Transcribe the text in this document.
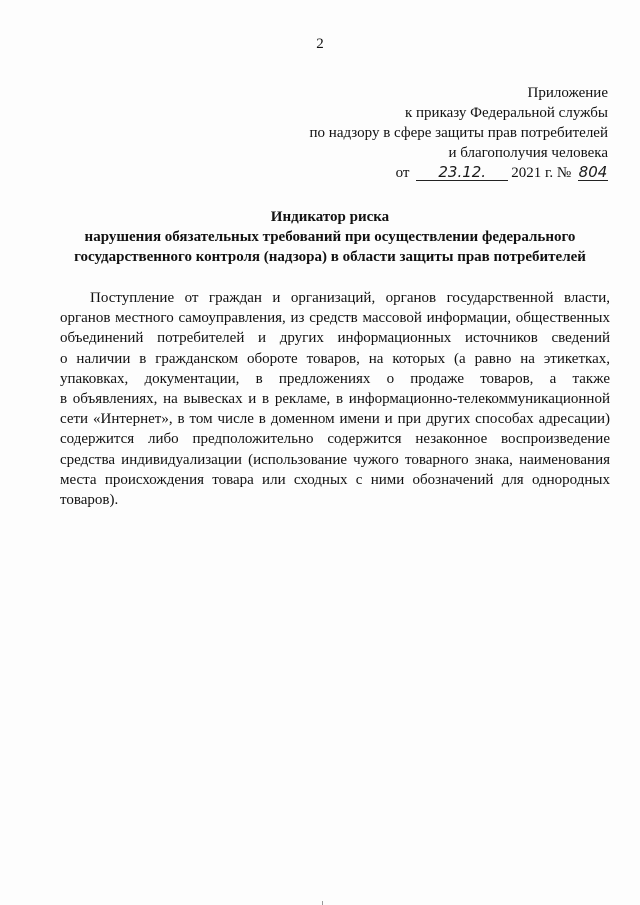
2
Приложение
к приказу Федеральной службы
по надзору в сфере защиты прав потребителей
и благополучия человека
от 23.12. 2021 г. № 804
Индикатор риска
нарушения обязательных требований при осуществлении федерального
государственного контроля (надзора) в области защиты прав потребителей
Поступление от граждан и организаций, органов государственной власти,
органов местного самоуправления, из средств массовой информации, общественных
объединений потребителей и других информационных источников сведений
о наличии в гражданском обороте товаров, на которых (а равно на этикетках,
упаковках, документации, в предложениях о продаже товаров, а также
в объявлениях, на вывесках и в рекламе, в информационно-телекоммуникационной
сети «Интернет», в том числе в доменном имени и при других способах адресации)
содержится либо предположительно содержится незаконное воспроизведение
средства индивидуализации (использование чужого товарного знака, наименования
места происхождения товара или сходных с ними обозначений для однородных
товаров).
